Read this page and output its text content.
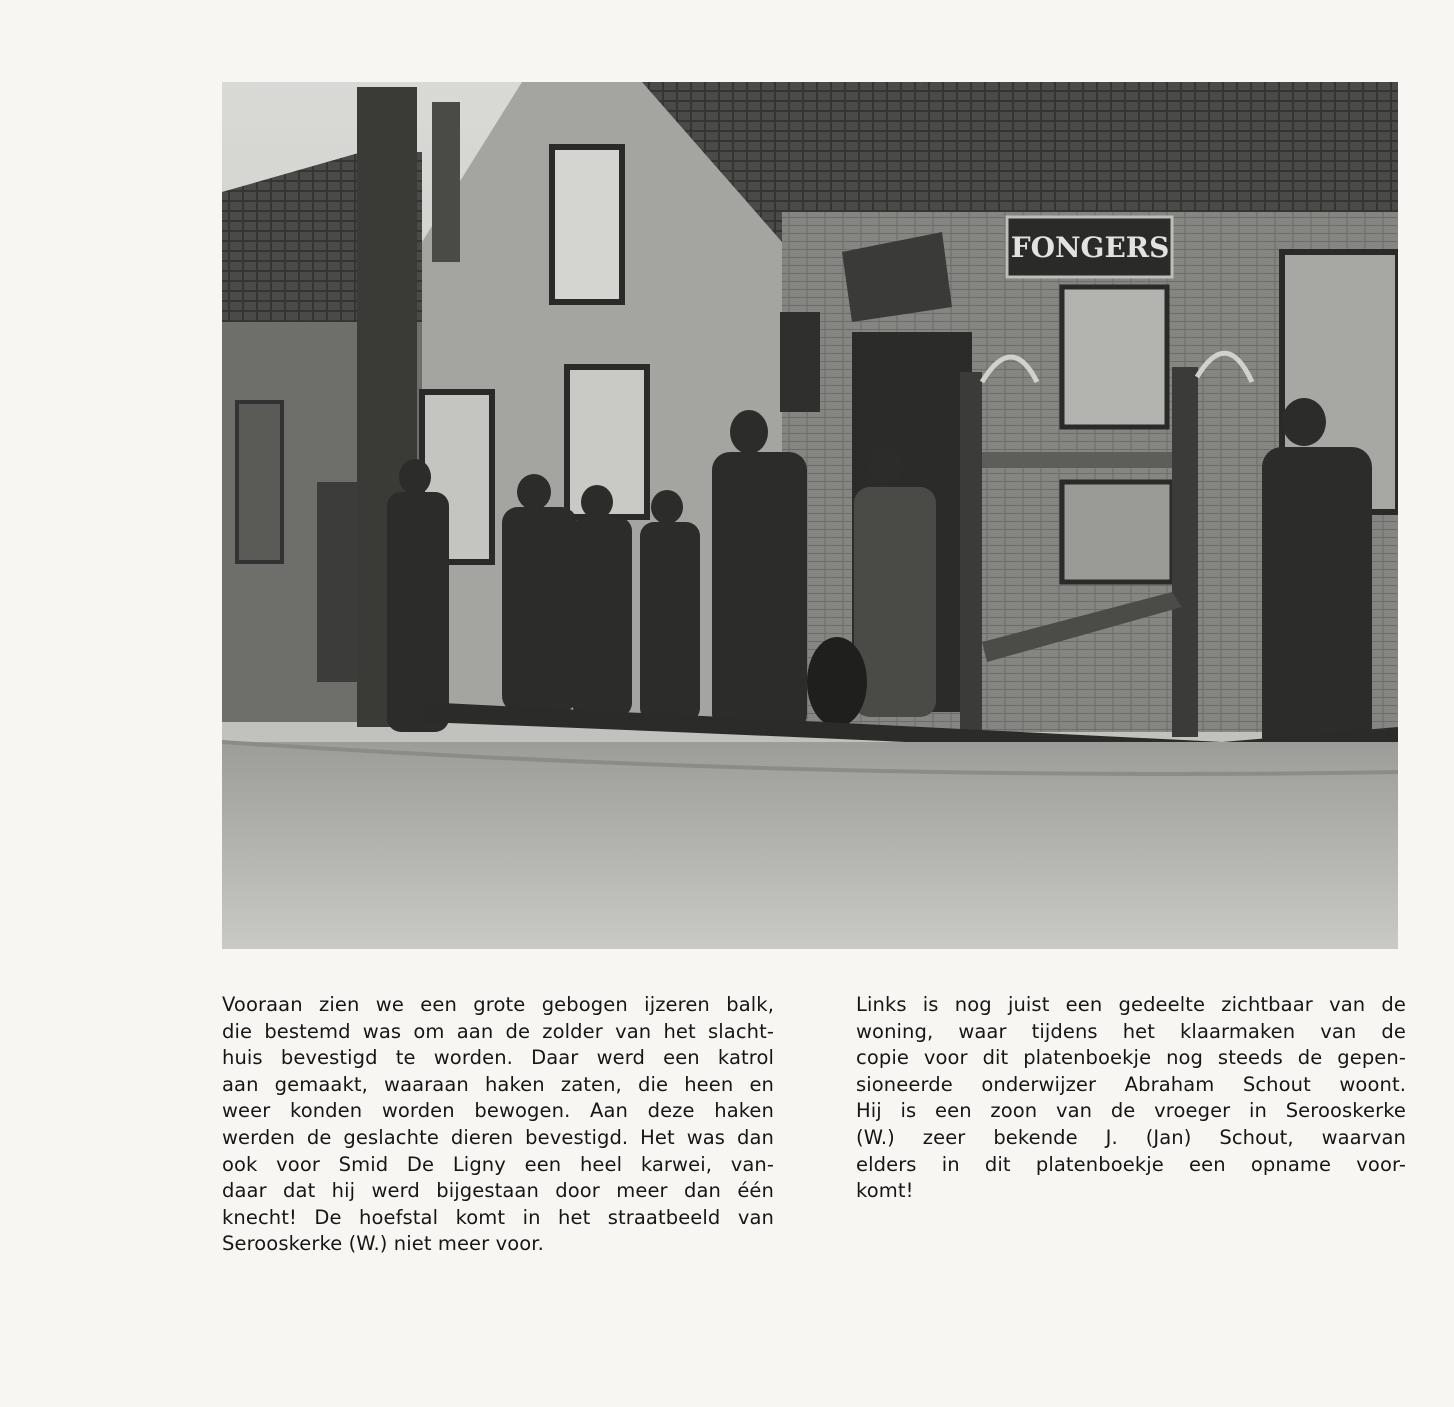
FONGERS

Vooraan zien we een grote gebogen ijzeren balk,
die bestemd was om aan de zolder van het slacht-
huis bevestigd te worden. Daar werd een katrol
aan gemaakt, waaraan haken zaten, die heen en
weer konden worden bewogen. Aan deze haken
werden de geslachte dieren bevestigd. Het was dan
ook voor Smid De Ligny een heel karwei, van-
daar dat hij werd bijgestaan door meer dan één
knecht! De hoefstal komt in het straatbeeld van
Serooskerke (W.) niet meer voor.

Links is nog juist een gedeelte zichtbaar van de
woning, waar tijdens het klaarmaken van de
copie voor dit platenboekje nog steeds de gepen-
sioneerde onderwijzer Abraham Schout woont.
Hij is een zoon van de vroeger in Serooskerke
(W.) zeer bekende J. (Jan) Schout, waarvan
elders in dit platenboekje een opname voor-
komt!
